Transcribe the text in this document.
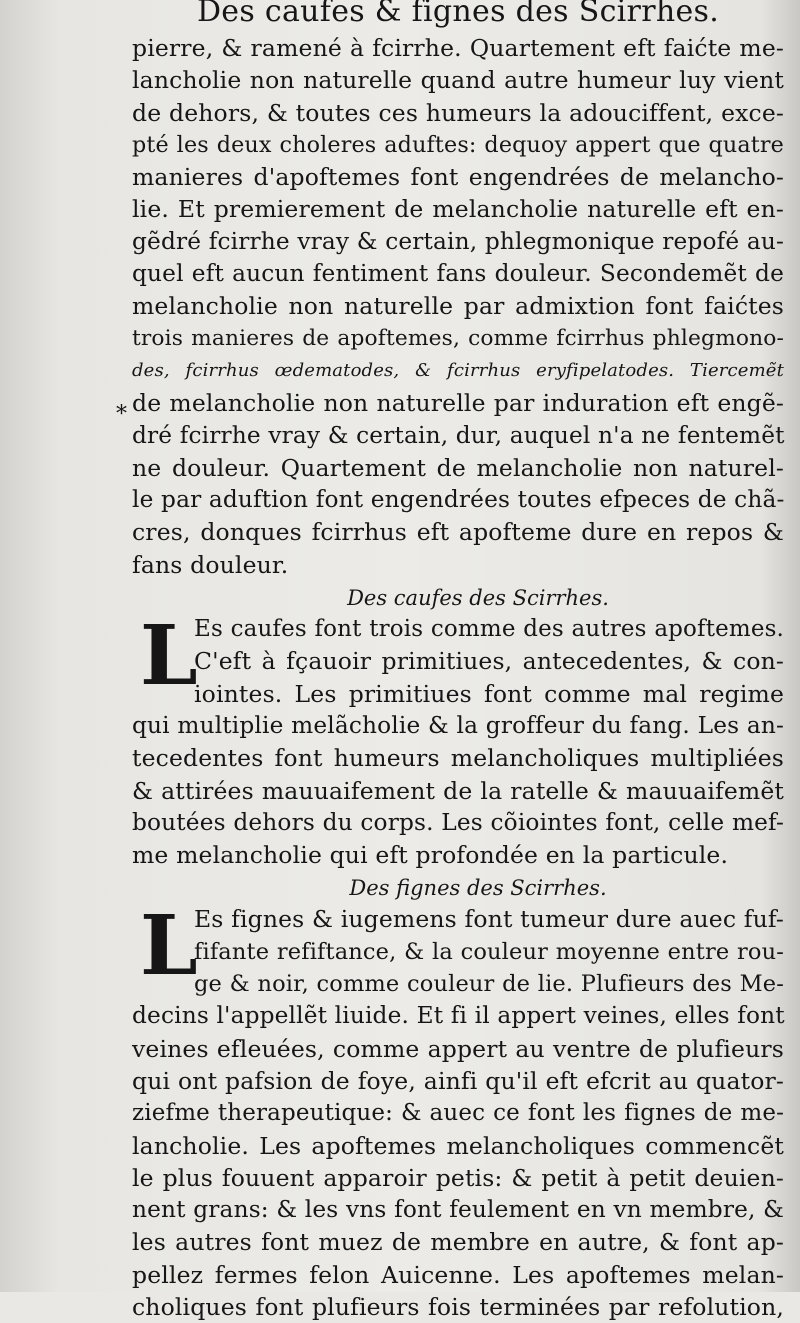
Des caufes & fignes des Scirrhes.
pierre, & ramené à fcirrhe. Quartement eft faićte me-
lancholie non naturelle quand autre humeur luy vient
de dehors, & toutes ces humeurs la adouciffent, exce-
pté les deux choleres aduftes: dequoy appert que quatre
manieres d'apoftemes font engendrées de melancho-
lie. Et premierement de melancholie naturelle eft en-
gẽdré fcirrhe vray & certain, phlegmonique repofé au-
quel eft aucun fentiment fans douleur. Secondemẽt de
melancholie non naturelle par admixtion font faićtes
trois manieres de apoftemes, comme fcirrhus phlegmono-
des, fcirrhus œdematodes, & fcirrhus eryfipelatodes. Tiercemẽt
de melancholie non naturelle par induration eft engẽ-
dré fcirrhe vray & certain, dur, auquel n'a ne fentemẽt
ne douleur. Quartement de melancholie non naturel-
le par aduftion font engendrées toutes efpeces de chã-
cres, donques fcirrhus eft apofteme dure en repos &
fans douleur.
Des caufes des Scirrhes.
L
Es caufes font trois comme des autres apoftemes.
C'eft à fçauoir primitiues, antecedentes, & con-
iointes. Les primitiues font comme mal regime
qui multiplie melãcholie & la groffeur du fang. Les an-
tecedentes font humeurs melancholiques multipliées
& attirées mauuaifement de la ratelle & mauuaifemẽt
boutées dehors du corps. Les cõiointes font, celle mef-
me melancholie qui eft profondée en la particule.
Des fignes des Scirrhes.
L
Es fignes & iugemens font tumeur dure auec fuf-
fifante refiftance, & la couleur moyenne entre rou-
ge & noir, comme couleur de lie. Plufieurs des Me-
decins l'appellẽt liuide. Et fi il appert veines, elles font
veines efleuées, comme appert au ventre de plufieurs
qui ont pafsion de foye, ainfi qu'il eft efcrit au quator-
ziefme therapeutique: & auec ce font les fignes de me-
lancholie. Les apoftemes melancholiques commencẽt
le plus fouuent apparoir petis: & petit à petit deuien-
nent grans: & les vns font feulement en vn membre, &
les autres font muez de membre en autre, & font ap-
pellez fermes felon Auicenne. Les apoftemes melan-
choliques font plufieurs fois terminées par refolution,
*
